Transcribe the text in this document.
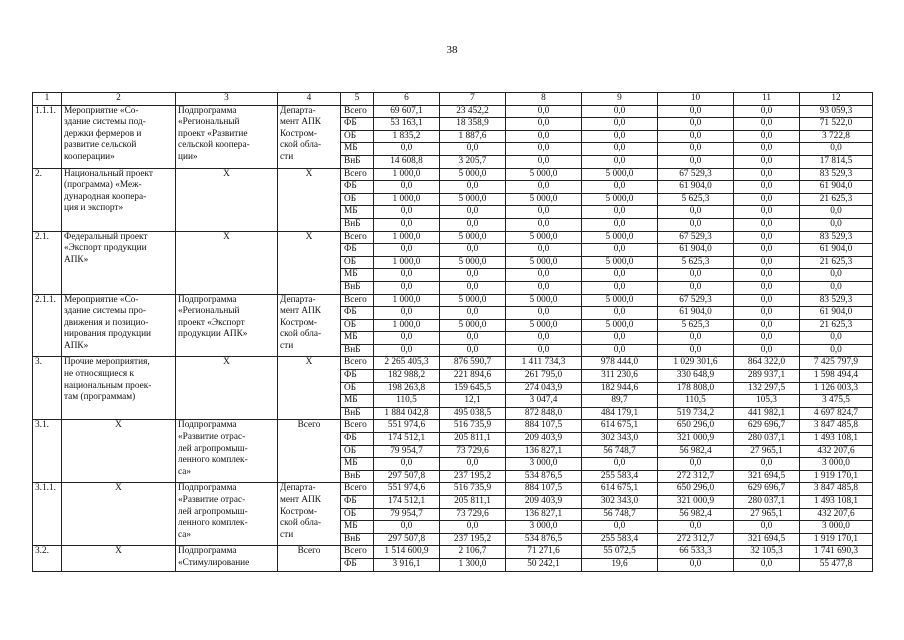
38
1	2	3	4	5	6	7	8	9	10	11	12
1.1.1.	Мероприятие «Со-
здание системы под-
держки фермеров и
развитие сельской
кооперации»	Подпрограмма
«Региональный
проект «Развитие
сельской коопера-
ции»	Департа-
мент АПК
Костром-
ской обла-
сти	Всего	69 607,1	23 452,2	0,0	0,0	0,0	0,0	93 059,3
				ФБ	53 163,1	18 358,9	0,0	0,0	0,0	0,0	71 522,0
				ОБ	1 835,2	1 887,6	0,0	0,0	0,0	0,0	3 722,8
				МБ	0,0	0,0	0,0	0,0	0,0	0,0	0,0
				ВнБ	14 608,8	3 205,7	0,0	0,0	0,0	0,0	17 814,5
2.	Национальный проект
(программа) «Меж-
дународная коопера-
ция и экспорт»	Х	Х	Всего	1 000,0	5 000,0	5 000,0	5 000,0	67 529,3	0,0	83 529,3
				ФБ	0,0	0,0	0,0	0,0	61 904,0	0,0	61 904,0
				ОБ	1 000,0	5 000,0	5 000,0	5 000,0	5 625,3	0,0	21 625,3
				МБ	0,0	0,0	0,0	0,0	0,0	0,0	0,0
				ВнБ	0,0	0,0	0,0	0,0	0,0	0,0	0,0
2.1.	Федеральный проект
«Экспорт продукции
АПК»	Х	Х	Всего	1 000,0	5 000,0	5 000,0	5 000,0	67 529,3	0,0	83 529,3
				ФБ	0,0	0,0	0,0	0,0	61 904,0	0,0	61 904,0
				ОБ	1 000,0	5 000,0	5 000,0	5 000,0	5 625,3	0,0	21 625,3
				МБ	0,0	0,0	0,0	0,0	0,0	0,0	0,0
				ВнБ	0,0	0,0	0,0	0,0	0,0	0,0	0,0
2.1.1.	Мероприятие «Со-
здание системы про-
движения и позицио-
нирования продукции
АПК»	Подпрограмма
«Региональный
проект «Экспорт
продукции АПК»	Департа-
мент АПК
Костром-
ской обла-
сти	Всего	1 000,0	5 000,0	5 000,0	5 000,0	67 529,3	0,0	83 529,3
				ФБ	0,0	0,0	0,0	0,0	61 904,0	0,0	61 904,0
				ОБ	1 000,0	5 000,0	5 000,0	5 000,0	5 625,3	0,0	21 625,3
				МБ	0,0	0,0	0,0	0,0	0,0	0,0	0,0
				ВнБ	0,0	0,0	0,0	0,0	0,0	0,0	0,0
3.	Прочие мероприятия,
не относящиеся к
национальным проек-
там (программам)	Х	Х	Всего	2 265 405,3	876 590,7	1 411 734,3	978 444,0	1 029 301,6	864 322,0	7 425 797,9
				ФБ	182 988,2	221 894,6	261 795,0	311 230,6	330 648,9	289 937,1	1 598 494,4
				ОБ	198 263,8	159 645,5	274 043,9	182 944,6	178 808,0	132 297,5	1 126 003,3
				МБ	110,5	12,1	3 047,4	89,7	110,5	105,3	3 475,5
				ВнБ	1 884 042,8	495 038,5	872 848,0	484 179,1	519 734,2	441 982,1	4 697 824,7
3.1.	Х	Подпрограмма
«Развитие отрас-
лей агропромыш-
ленного комплек-
са»	Всего	Всего	551 974,6	516 735,9	884 107,5	614 675,1	650 296,0	629 696,7	3 847 485,8
				ФБ	174 512,1	205 811,1	209 403,9	302 343,0	321 000,9	280 037,1	1 493 108,1
				ОБ	79 954,7	73 729,6	136 827,1	56 748,7	56 982,4	27 965,1	432 207,6
				МБ	0,0	0,0	3 000,0	0,0	0,0	0,0	3 000,0
				ВнБ	297 507,8	237 195,2	534 876,5	255 583,4	272 312,7	321 694,5	1 919 170,1
3.1.1.	Х	Подпрограмма
«Развитие отрас-
лей агропромыш-
ленного комплек-
са»	Департа-
мент АПК
Костром-
ской обла-
сти	Всего	551 974,6	516 735,9	884 107,5	614 675,1	650 296,0	629 696,7	3 847 485,8
				ФБ	174 512,1	205 811,1	209 403,9	302 343,0	321 000,9	280 037,1	1 493 108,1
				ОБ	79 954,7	73 729,6	136 827,1	56 748,7	56 982,4	27 965,1	432 207,6
				МБ	0,0	0,0	3 000,0	0,0	0,0	0,0	3 000,0
				ВнБ	297 507,8	237 195,2	534 876,5	255 583,4	272 312,7	321 694,5	1 919 170,1
3.2.	Х	Подпрограмма
«Стимулирование	Всего	Всего	1 514 600,9	2 106,7	71 271,6	55 072,5	66 533,3	32 105,3	1 741 690,3
				ФБ	3 916,1	1 300,0	50 242,1	19,6	0,0	0,0	55 477,8
